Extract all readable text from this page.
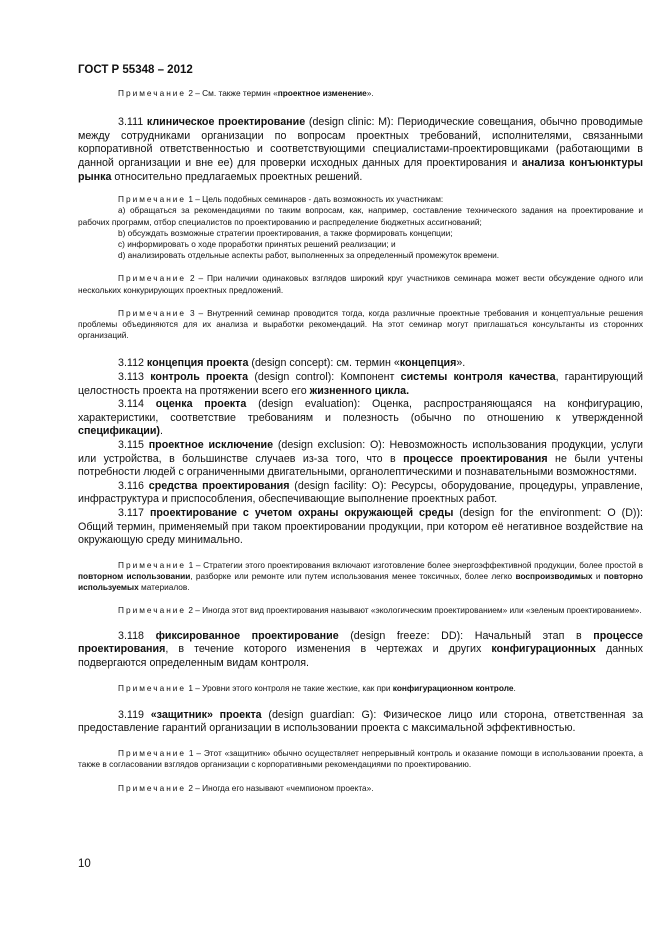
ГОСТ Р 55348 – 2012

Примечание 2 – См. также термин «проектное изменение».

3.111 клиническое проектирование (design clinic: М): Периодические совещания, обычно проводимые между сотрудниками организации по вопросам проектных требований, исполнителями, связанными корпоративной ответственностью и соответствующими специалистами-проектировщиками (работающими в данной организации и вне ее) для проверки исходных данных для проектирования и анализа конъюнктуры рынка относительно предлагаемых проектных решений.

Примечание 1 – Цель подобных семинаров - дать возможность их участникам:

a) обращаться за рекомендациями по таким вопросам, как, например, составление технического задания на проектирование и рабочих программ, отбор специалистов по проектированию и распределение бюджетных ассигнований;

b) обсуждать возможные стратегии проектирования, а также формировать концепции;

c) информировать о ходе проработки принятых решений реализации; и

d) анализировать отдельные аспекты работ, выполненных за определенный промежуток времени.

Примечание 2 – При наличии одинаковых взглядов широкий круг участников семинара может вести обсуждение одного или нескольких конкурирующих проектных предложений.

Примечание 3 – Внутренний семинар проводится тогда, когда различные проектные требования и концептуальные решения проблемы объединяются для их анализа и выработки рекомендаций. На этот семинар могут приглашаться консультанты из сторонних организаций.

3.112 концепция проекта (design concept): см. термин «концепция».

3.113 контроль проекта (design control): Компонент системы контроля качества, гарантирующий целостность проекта на протяжении всего его жизненного цикла.

3.114 оценка проекта (design evaluation): Оценка, распространяющаяся на конфигурацию, характеристики, соответствие требованиям и полезность (обычно по отношению к утвержденной спецификации).

3.115 проектное исключение (design exclusion: О): Невозможность использования продукции, услуги или устройства, в большинстве случаев из-за того, что в процессе проектирования не были учтены потребности людей с ограниченными двигательными, органолептическими и познавательными возможностями.

3.116 средства проектирования (design facility: О): Ресурсы, оборудование, процедуры, управление, инфраструктура и приспособления, обеспечивающие выполнение проектных работ.

3.117 проектирование с учетом охраны окружающей среды (design for the environment: О (D)): Общий термин, применяемый при таком проектировании продукции, при котором её негативное воздействие на окружающую среду минимально.

Примечание 1 – Стратегии этого проектирования включают изготовление более энергоэффективной продукции, более простой в повторном использовании, разборке или ремонте или путем использования менее токсичных, более легко воспроизводимых и повторно используемых материалов.

Примечание 2 – Иногда этот вид проектирования называют «экологическим проектированием» или «зеленым проектированием».

3.118 фиксированное проектирование (design freeze: DD): Начальный этап в процессе проектирования, в течение которого изменения в чертежах и других конфигурационных данных подвергаются определенным видам контроля.

Примечание 1 – Уровни этого контроля не такие жесткие, как при конфигурационном контроле.

3.119 «защитник» проекта (design guardian: G): Физическое лицо или сторона, ответственная за предоставление гарантий организации в использовании проекта с максимальной эффективностью.

Примечание 1 – Этот «защитник» обычно осуществляет непрерывный контроль и оказание помощи в использовании проекта, а также в согласовании взглядов организации с корпоративными рекомендациями по проектированию.

Примечание 2 – Иногда его называют «чемпионом проекта».

10
